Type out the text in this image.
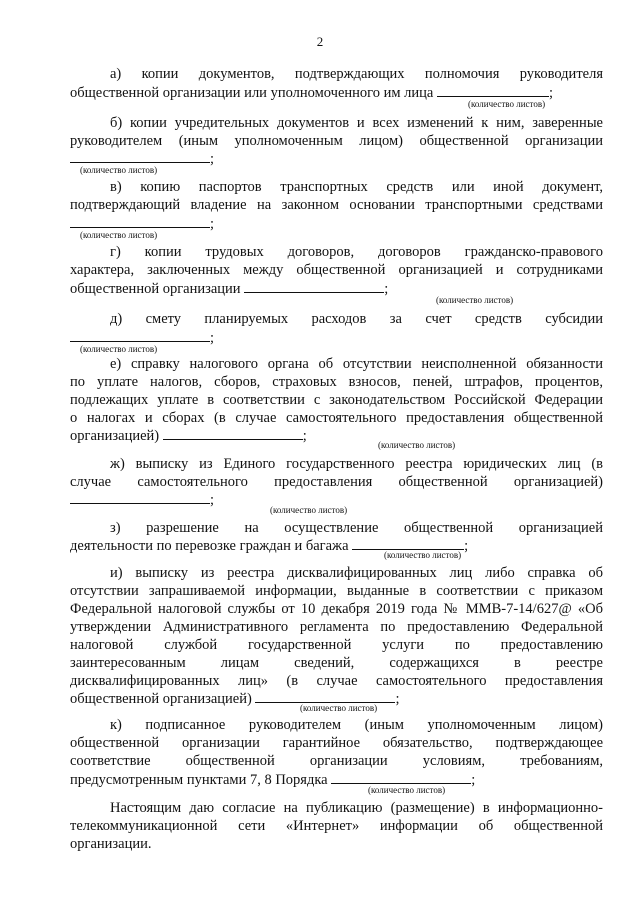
2
а) копии документов, подтверждающих полномочия руководителя
общественной организации или уполномоченного им лица	;
(количество листов)
б) копии учредительных документов и всех изменений к ним, заверенные
руководителем (иным уполномоченным лицом) общественной организации
;
(количество листов)
в) копию паспортов транспортных средств или иной документ,
подтверждающий владение на законном основании транспортными средствами
;
(количество листов)
г) копии трудовых договоров, договоров гражданско-правового
характера, заключенных между общественной организацией и сотрудниками
общественной организации	;
(количество листов)
д) смету планируемых расходов за счет средств субсидии
;
(количество листов)
е) справку налогового органа об отсутствии неисполненной обязанности
по уплате налогов, сборов, страховых взносов, пеней, штрафов, процентов,
подлежащих уплате в соответствии с законодательством Российской Федерации
о налогах и сборах (в случае самостоятельного предоставления общественной
организацией)	;
(количество листов)
ж) выписку из Единого государственного реестра юридических лиц (в
случае самостоятельного предоставления общественной организацией)
;
(количество листов)
з) разрешение на осуществление общественной организацией
деятельности по перевозке граждан и багажа	;
(количество листов)
и) выписку из реестра дисквалифицированных лиц либо справка об
отсутствии запрашиваемой информации, выданные в соответствии с приказом
Федеральной налоговой службы от 10 декабря 2019 года № ММВ-7-14/627@ «Об
утверждении Административного регламента по предоставлению Федеральной
налоговой службой государственной услуги по предоставлению
заинтересованным лицам сведений, содержащихся в реестре
дисквалифицированных лиц» (в случае самостоятельного предоставления
общественной организацией)	;
(количество листов)
к) подписанное руководителем (иным уполномоченным лицом)
общественной организации гарантийное обязательство, подтверждающее
соответствие общественной организации условиям, требованиям,
предусмотренным пунктами 7, 8 Порядка	;
(количество листов)
Настоящим даю согласие на публикацию (размещение) в информационно-
телекоммуникационной сети «Интернет» информации об общественной
организации.
